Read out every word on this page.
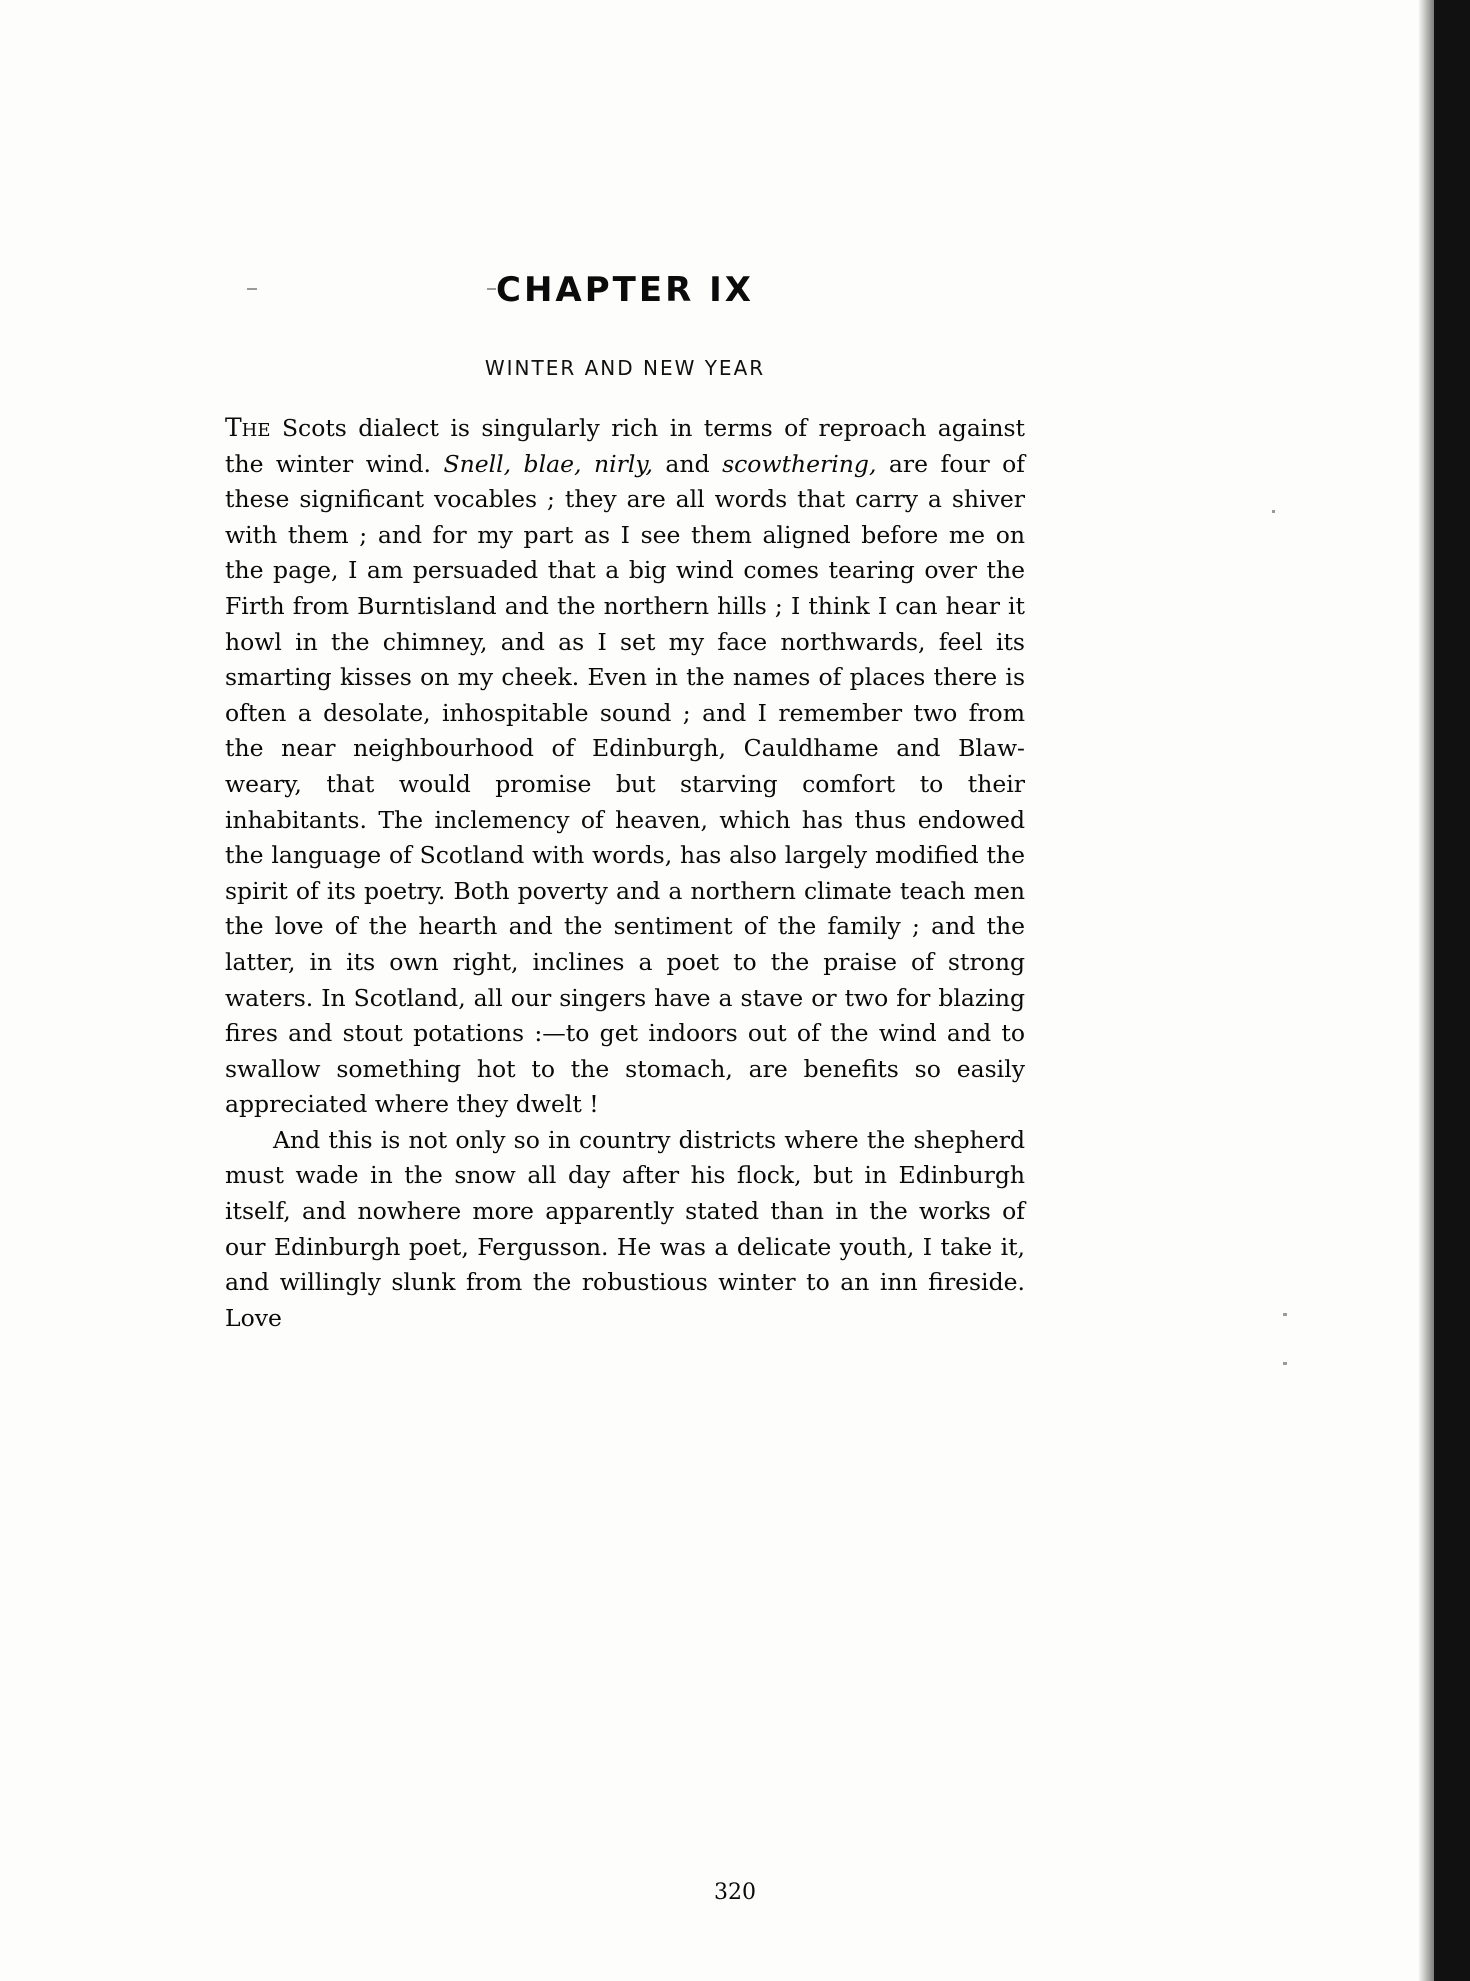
CHAPTER IX
WINTER AND NEW YEAR

The Scots dialect is singularly rich in terms of reproach against the winter wind. Snell, blae, nirly, and scowthering, are four of these significant vocables ; they are all words that carry a shiver with them ; and for my part as I see them aligned before me on the page, I am persuaded that a big wind comes tearing over the Firth from Burntisland and the northern hills ; I think I can hear it howl in the chimney, and as I set my face northwards, feel its smarting kisses on my cheek. Even in the names of places there is often a desolate, inhospitable sound ; and I remember two from the near neighbourhood of Edinburgh, Cauldhame and Blaw-weary, that would promise but starving comfort to their inhabitants. The inclemency of heaven, which has thus endowed the language of Scotland with words, has also largely modified the spirit of its poetry. Both poverty and a northern climate teach men the love of the hearth and the sentiment of the family ; and the latter, in its own right, inclines a poet to the praise of strong waters. In Scotland, all our singers have a stave or two for blazing fires and stout potations :—to get indoors out of the wind and to swallow something hot to the stomach, are benefits so easily appreciated where they dwelt !

And this is not only so in country districts where the shepherd must wade in the snow all day after his flock, but in Edinburgh itself, and nowhere more apparently stated than in the works of our Edinburgh poet, Fergusson. He was a delicate youth, I take it, and willingly slunk from the robustious winter to an inn fireside. Love

320
